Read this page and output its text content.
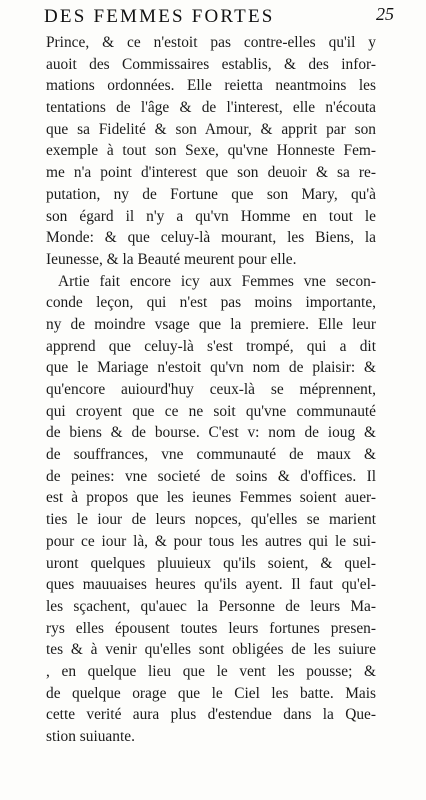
DES FEMMES FORTES	25
Prince, & ce n'estoit pas contre-elles qu'il y
auoit des Commissaires establis, & des infor-
mations ordonnées. Elle reietta neantmoins les
tentations de l'âge & de l'interest, elle n'écouta
que sa Fidelité & son Amour, & apprit par son
exemple à tout son Sexe, qu'vne Honneste Fem-
me n'a point d'interest que son deuoir & sa re-
putation, ny de Fortune que son Mary, qu'à
son égard il n'y a qu'vn Homme en tout le
Monde: & que celuy-là mourant, les Biens, la
Ieunesse, & la Beauté meurent pour elle.
Artie fait encore icy aux Femmes vne secon-
conde leçon, qui n'est pas moins importante,
ny de moindre vsage que la premiere. Elle leur
apprend que celuy-là s'est trompé, qui a dit
que le Mariage n'estoit qu'vn nom de plaisir: &
qu'encore auiourd'huy ceux-là se méprennent,
qui croyent que ce ne soit qu'vne communauté
de biens & de bourse. C'est v: nom de ioug &
de souffrances, vne communauté de maux &
de peines: vne societé de soins & d'offices. Il
est à propos que les ieunes Femmes soient auer-
ties le iour de leurs nopces, qu'elles se marient
pour ce iour là, & pour tous les autres qui le sui-
uront quelques pluuieux qu'ils soient, & quel-
ques mauuaises heures qu'ils ayent. Il faut qu'el-
les sçachent, qu'auec la Personne de leurs Ma-
rys elles épousent toutes leurs fortunes presen-
tes & à venir qu'elles sont obligées de les suiure
, en quelque lieu que le vent les pousse; &
de quelque orage que le Ciel les batte. Mais
cette verité aura plus d'estendue dans la Que-
stion suiuante.
